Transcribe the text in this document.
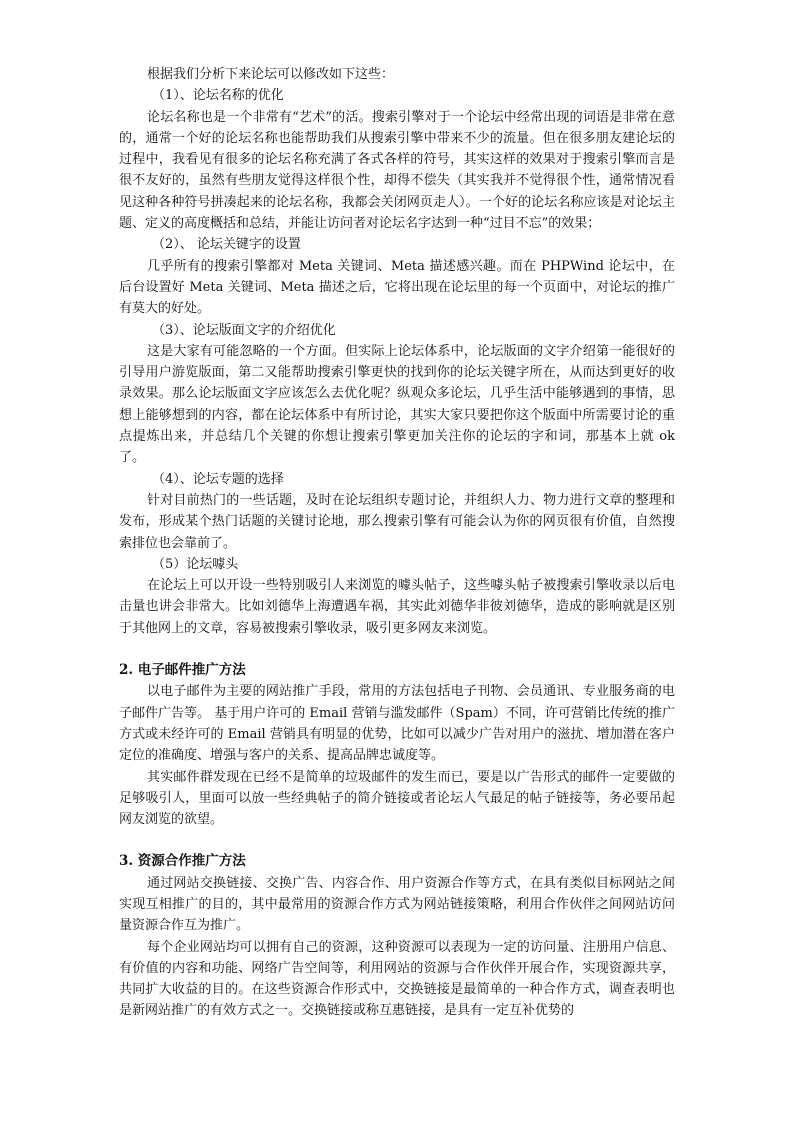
根据我们分析下来论坛可以修改如下这些：

（1）、论坛名称的优化

论坛名称也是一个非常有“艺术”的活。搜索引擎对于一个论坛中经常出现的词语是非常在意的，通常一个好的论坛名称也能帮助我们从搜索引擎中带来不少的流量。但在很多朋友建论坛的过程中，我看见有很多的论坛名称充满了各式各样的符号，其实这样的效果对于搜索引擎而言是很不友好的，虽然有些朋友觉得这样很个性，却得不偿失（其实我并不觉得很个性，通常情况看见这种各种符号拼凑起来的论坛名称，我都会关闭网页走人）。一个好的论坛名称应该是对论坛主题、定义的高度概括和总结，并能让访问者对论坛名字达到一种“过目不忘”的效果；

（2）、 论坛关键字的设置

几乎所有的搜索引擎都对 Meta 关键词、Meta 描述感兴趣。而在 PHPWind 论坛中，在后台设置好 Meta 关键词、Meta 描述之后，它将出现在论坛里的每一个页面中，对论坛的推广有莫大的好处。

（3）、论坛版面文字的介绍优化

这是大家有可能忽略的一个方面。但实际上论坛体系中，论坛版面的文字介绍第一能很好的引导用户游览版面，第二又能帮助搜索引擎更快的找到你的论坛关键字所在，从而达到更好的收录效果。那么论坛版面文字应该怎么去优化呢？纵观众多论坛，几乎生活中能够遇到的事情，思想上能够想到的内容，都在论坛体系中有所讨论，其实大家只要把你这个版面中所需要讨论的重点提炼出来，并总结几个关键的你想让搜索引擎更加关注你的论坛的字和词，那基本上就 ok 了。

（4）、论坛专题的选择

针对目前热门的一些话题，及时在论坛组织专题讨论，并组织人力、物力进行文章的整理和发布，形成某个热门话题的关键讨论地，那么搜索引擎有可能会认为你的网页很有价值，自然搜索排位也会靠前了。

（5）论坛噱头

在论坛上可以开设一些特别吸引人来浏览的噱头帖子，这些噱头帖子被搜索引擎收录以后电击量也讲会非常大。比如刘德华上海遭遇车祸，其实此刘德华非彼刘德华，造成的影响就是区别于其他网上的文章，容易被搜索引擎收录，吸引更多网友来浏览。

2. 电子邮件推广方法

以电子邮件为主要的网站推广手段，常用的方法包括电子刊物、会员通讯、专业服务商的电子邮件广告等。 基于用户许可的 Email 营销与滥发邮件（Spam）不同，许可营销比传统的推广方式或未经许可的 Email 营销具有明显的优势，比如可以减少广告对用户的滋扰、增加潜在客户定位的准确度、增强与客户的关系、提高品牌忠诚度等。

其实邮件群发现在已经不是简单的垃圾邮件的发生而已，要是以广告形式的邮件一定要做的足够吸引人，里面可以放一些经典帖子的简介链接或者论坛人气最足的帖子链接等，务必要吊起网友浏览的欲望。

3. 资源合作推广方法

通过网站交换链接、交换广告、内容合作、用户资源合作等方式，在具有类似目标网站之间实现互相推广的目的，其中最常用的资源合作方式为网站链接策略，利用合作伙伴之间网站访问量资源合作互为推广。

每个企业网站均可以拥有自己的资源，这种资源可以表现为一定的访问量、注册用户信息、有价值的内容和功能、网络广告空间等，利用网站的资源与合作伙伴开展合作，实现资源共享，共同扩大收益的目的。在这些资源合作形式中，交换链接是最简单的一种合作方式，调查表明也是新网站推广的有效方式之一。交换链接或称互惠链接，是具有一定互补优势的
